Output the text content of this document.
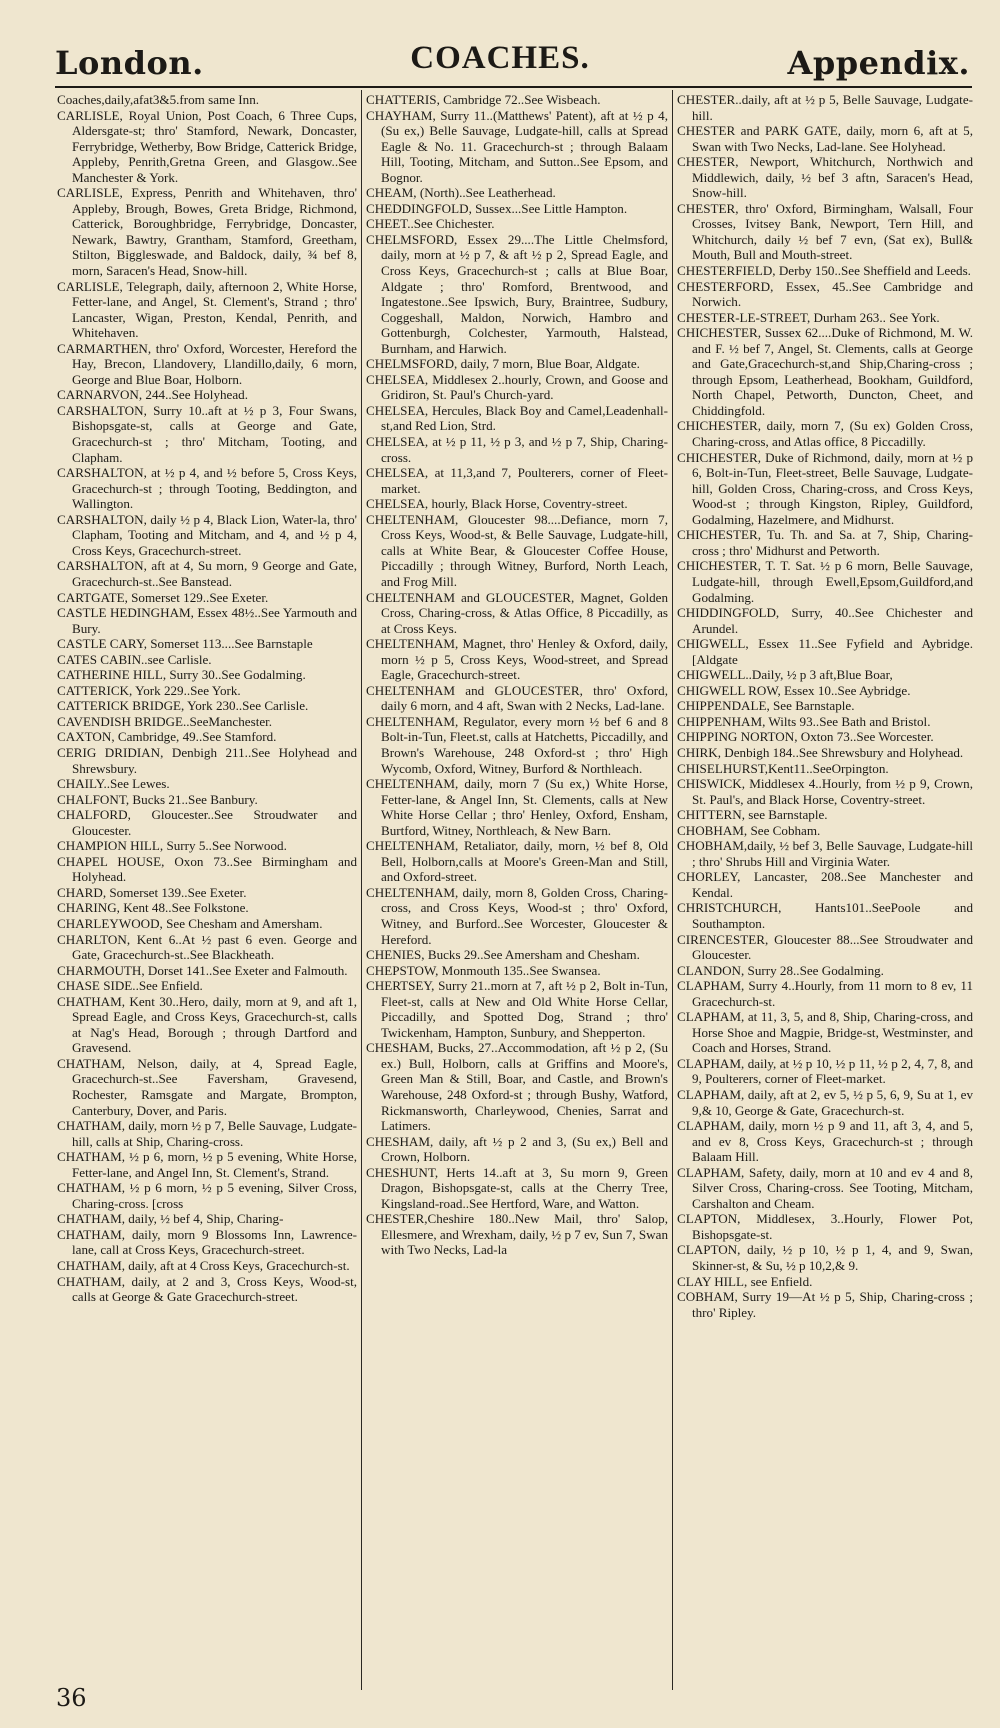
London.	COACHES.	Appendix.

Coaches,daily,afat3&5.from same Inn.

CARLISLE, Royal Union, Post Coach, 6 Three Cups, Aldersgate-st; thro' Stamford, Newark, Doncaster, Ferrybridge, Wetherby, Bow Bridge, Catterick Bridge, Appleby, Penrith,Gretna Green, and Glasgow..See Manchester & York.

CARLISLE, Express, Penrith and Whitehaven, thro' Appleby, Brough, Bowes, Greta Bridge, Richmond, Catterick, Boroughbridge, Ferrybridge, Doncaster, Newark, Bawtry, Grantham, Stamford, Greetham, Stilton, Biggleswade, and Baldock, daily, ¾ bef 8, morn, Saracen's Head, Snow-hill.

CARLISLE, Telegraph, daily, afternoon 2, White Horse, Fetter-lane, and Angel, St. Clement's, Strand ; thro' Lancaster, Wigan, Preston, Kendal, Penrith, and Whitehaven.

CARMARTHEN, thro' Oxford, Worcester, Hereford the Hay, Brecon, Llandovery, Llandillo,daily, 6 morn, George and Blue Boar, Holborn.

CARNARVON, 244..See Holyhead.

CARSHALTON, Surry 10..aft at ½ p 3, Four Swans, Bishopsgate-st, calls at George and Gate, Gracechurch-st ; thro' Mitcham, Tooting, and Clapham.

CARSHALTON, at ½ p 4, and ½ before 5, Cross Keys, Gracechurch-st ; through Tooting, Beddington, and Wallington.

CARSHALTON, daily ½ p 4, Black Lion, Water-la, thro' Clapham, Tooting and Mitcham, and 4, and ½ p 4, Cross Keys, Gracechurch-street.

CARSHALTON, aft at 4, Su morn, 9 George and Gate, Gracechurch-st..See Banstead.

CARTGATE, Somerset 129..See Exeter.

CASTLE HEDINGHAM, Essex 48½..See Yarmouth and Bury.

CASTLE CARY, Somerset 113....See Barnstaple

CATES CABIN..see Carlisle.

CATHERINE HILL, Surry 30..See Godalming.

CATTERICK, York 229..See York.

CATTERICK BRIDGE, York 230..See Carlisle.

CAVENDISH BRIDGE..SeeManchester.

CAXTON, Cambridge, 49..See Stamford.

CERIG DRIDIAN, Denbigh 211..See Holyhead and Shrewsbury.

CHAILY..See Lewes.

CHALFONT, Bucks 21..See Banbury.

CHALFORD, Gloucester..See Stroudwater and Gloucester.

CHAMPION HILL, Surry 5..See Norwood.

CHAPEL HOUSE, Oxon 73..See Birmingham and Holyhead.

CHARD, Somerset 139..See Exeter.

CHARING, Kent 48..See Folkstone.

CHARLEYWOOD, See Chesham and Amersham.

CHARLTON, Kent 6..At ½ past 6 even. George and Gate, Gracechurch-st..See Blackheath.

CHARMOUTH, Dorset 141..See Exeter and Falmouth.

CHASE SIDE..See Enfield.

CHATHAM, Kent 30..Hero, daily, morn at 9, and aft 1, Spread Eagle, and Cross Keys, Gracechurch-st, calls at Nag's Head, Borough ; through Dartford and Gravesend.

CHATHAM, Nelson, daily, at 4, Spread Eagle, Gracechurch-st..See Faversham, Gravesend, Rochester, Ramsgate and Margate, Brompton, Canterbury, Dover, and Paris.

CHATHAM, daily, morn ½ p 7, Belle Sauvage, Ludgate-hill, calls at Ship, Charing-cross.

CHATHAM, ½ p 6, morn, ½ p 5 evening, White Horse, Fetter-lane, and Angel Inn, St. Clement's, Strand.

CHATHAM, ½ p 6 morn, ½ p 5 evening, Silver Cross, Charing-cross. [cross

CHATHAM, daily, ½ bef 4, Ship, Charing-

CHATHAM, daily, morn 9 Blossoms Inn, Lawrence-lane, call at Cross Keys, Gracechurch-street.

CHATHAM, daily, aft at 4 Cross Keys, Gracechurch-st.

CHATHAM, daily, at 2 and 3, Cross Keys, Wood-st, calls at George & Gate Gracechurch-street.

CHATTERIS, Cambridge 72..See Wisbeach.

CHAYHAM, Surry 11..(Matthews' Patent), aft at ½ p 4,(Su ex,) Belle Sauvage, Ludgate-hill, calls at Spread Eagle & No. 11. Gracechurch-st ; through Balaam Hill, Tooting, Mitcham, and Sutton..See Epsom, and Bognor.

CHEAM, (North)..See Leatherhead.

CHEDDINGFOLD, Sussex...See Little Hampton.

CHEET..See Chichester.

CHELMSFORD, Essex 29....The Little Chelmsford, daily, morn at ½ p 7, & aft ½ p 2, Spread Eagle, and Cross Keys, Gracechurch-st ; calls at Blue Boar, Aldgate ; thro' Romford, Brentwood, and Ingatestone..See Ipswich, Bury, Braintree, Sudbury, Coggeshall, Maldon, Norwich, Hambro and Gottenburgh, Colchester, Yarmouth, Halstead, Burnham, and Harwich.

CHELMSFORD, daily, 7 morn, Blue Boar, Aldgate.

CHELSEA, Middlesex 2..hourly, Crown, and Goose and Gridiron, St. Paul's Church-yard.

CHELSEA, Hercules, Black Boy and Camel,Leadenhall-st,and Red Lion, Strd.

CHELSEA, at ½ p 11, ½ p 3, and ½ p 7, Ship, Charing-cross.

CHELSEA, at 11,3,and 7, Poulterers, corner of Fleet-market.

CHELSEA, hourly, Black Horse, Coventry-street.

CHELTENHAM, Gloucester 98....Defiance, morn 7, Cross Keys, Wood-st, & Belle Sauvage, Ludgate-hill, calls at White Bear, & Gloucester Coffee House, Piccadilly ; through Witney, Burford, North Leach, and Frog Mill.

CHELTENHAM and GLOUCESTER, Magnet, Golden Cross, Charing-cross, & Atlas Office, 8 Piccadilly, as at Cross Keys.

CHELTENHAM, Magnet, thro' Henley & Oxford, daily, morn ½ p 5, Cross Keys, Wood-street, and Spread Eagle, Gracechurch-street.

CHELTENHAM and GLOUCESTER, thro' Oxford, daily 6 morn, and 4 aft, Swan with 2 Necks, Lad-lane.

CHELTENHAM, Regulator, every morn ½ bef 6 and 8 Bolt-in-Tun, Fleet.st, calls at Hatchetts, Piccadilly, and Brown's Warehouse, 248 Oxford-st ; thro' High Wycomb, Oxford, Witney, Burford & Northleach.

CHELTENHAM, daily, morn 7 (Su ex,) White Horse, Fetter-lane, & Angel Inn, St. Clements, calls at New White Horse Cellar ; thro' Henley, Oxford, Ensham, Burtford, Witney, Northleach, & New Barn.

CHELTENHAM, Retaliator, daily, morn, ½ bef 8, Old Bell, Holborn,calls at Moore's Green-Man and Still, and Oxford-street.

CHELTENHAM, daily, morn 8, Golden Cross, Charing-cross, and Cross Keys, Wood-st ; thro' Oxford, Witney, and Burford..See Worcester, Gloucester & Hereford.

CHENIES, Bucks 29..See Amersham and Chesham.

CHEPSTOW, Monmouth 135..See Swansea.

CHERTSEY, Surry 21..morn at 7, aft ½ p 2, Bolt in-Tun, Fleet-st, calls at New and Old White Horse Cellar, Piccadilly, and Spotted Dog, Strand ; thro' Twickenham, Hampton, Sunbury, and Shepperton.

CHESHAM, Bucks, 27..Accommodation, aft ½ p 2, (Su ex.) Bull, Holborn, calls at Griffins and Moore's, Green Man & Still, Boar, and Castle, and Brown's Warehouse, 248 Oxford-st ; through Bushy, Watford, Rickmansworth, Charleywood, Chenies, Sarrat and Latimers.

CHESHAM, daily, aft ½ p 2 and 3, (Su ex,) Bell and Crown, Holborn.

CHESHUNT, Herts 14..aft at 3, Su morn 9, Green Dragon, Bishopsgate-st, calls at the Cherry Tree, Kingsland-road..See Hertford, Ware, and Watton.

CHESTER,Cheshire 180..New Mail, thro' Salop, Ellesmere, and Wrexham, daily, ½ p 7 ev, Sun 7, Swan with Two Necks, Lad-la

CHESTER..daily, aft at ½ p 5, Belle Sauvage, Ludgate-hill.

CHESTER and PARK GATE, daily, morn 6, aft at 5, Swan with Two Necks, Lad-lane. See Holyhead.

CHESTER, Newport, Whitchurch, Northwich and Middlewich, daily, ½ bef 3 aftn, Saracen's Head, Snow-hill.

CHESTER, thro' Oxford, Birmingham, Walsall, Four Crosses, Ivitsey Bank, Newport, Tern Hill, and Whitchurch, daily ½ bef 7 evn, (Sat ex), Bull& Mouth, Bull and Mouth-street.

CHESTERFIELD, Derby 150..See Sheffield and Leeds.

CHESTERFORD, Essex, 45..See Cambridge and Norwich.

CHESTER-LE-STREET, Durham 263.. See York.

CHICHESTER, Sussex 62....Duke of Richmond, M. W. and F. ½ bef 7, Angel, St. Clements, calls at George and Gate,Gracechurch-st,and Ship,Charing-cross ; through Epsom, Leatherhead, Bookham, Guildford, North Chapel, Petworth, Duncton, Cheet, and Chiddingfold.

CHICHESTER, daily, morn 7, (Su ex) Golden Cross, Charing-cross, and Atlas office, 8 Piccadilly.

CHICHESTER, Duke of Richmond, daily, morn at ½ p 6, Bolt-in-Tun, Fleet-street, Belle Sauvage, Ludgate-hill, Golden Cross, Charing-cross, and Cross Keys, Wood-st ; through Kingston, Ripley, Guildford, Godalming, Hazelmere, and Midhurst.

CHICHESTER, Tu. Th. and Sa. at 7, Ship, Charing-cross ; thro' Midhurst and Petworth.

CHICHESTER, T. T. Sat. ½ p 6 morn, Belle Sauvage, Ludgate-hill, through Ewell,Epsom,Guildford,and Godalming.

CHIDDINGFOLD, Surry, 40..See Chichester and Arundel.

CHIGWELL, Essex 11..See Fyfield and Aybridge. [Aldgate

CHIGWELL..Daily, ½ p 3 aft,Blue Boar,

CHIGWELL ROW, Essex 10..See Aybridge.

CHIPPENDALE, See Barnstaple.

CHIPPENHAM, Wilts 93..See Bath and Bristol.

CHIPPING NORTON, Oxton 73..See Worcester.

CHIRK, Denbigh 184..See Shrewsbury and Holyhead.

CHISELHURST,Kent11..SeeOrpington.

CHISWICK, Middlesex 4..Hourly, from ½ p 9, Crown, St. Paul's, and Black Horse, Coventry-street.

CHITTERN, see Barnstaple.

CHOBHAM, See Cobham.

CHOBHAM,daily, ½ bef 3, Belle Sauvage, Ludgate-hill ; thro' Shrubs Hill and Virginia Water.

CHORLEY, Lancaster, 208..See Manchester and Kendal.

CHRISTCHURCH, Hants101..SeePoole and Southampton.

CIRENCESTER, Gloucester 88...See Stroudwater and Gloucester.

CLANDON, Surry 28..See Godalming.

CLAPHAM, Surry 4..Hourly, from 11 morn to 8 ev, 11 Gracechurch-st.

CLAPHAM, at 11, 3, 5, and 8, Ship, Charing-cross, and Horse Shoe and Magpie, Bridge-st, Westminster, and Coach and Horses, Strand.

CLAPHAM, daily, at ½ p 10, ½ p 11, ½ p 2, 4, 7, 8, and 9, Poulterers, corner of Fleet-market.

CLAPHAM, daily, aft at 2, ev 5, ½ p 5, 6, 9, Su at 1, ev 9,& 10, George & Gate, Gracechurch-st.

CLAPHAM, daily, morn ½ p 9 and 11, aft 3, 4, and 5, and ev 8, Cross Keys, Gracechurch-st ; through Balaam Hill.

CLAPHAM, Safety, daily, morn at 10 and ev 4 and 8, Silver Cross, Charing-cross. See Tooting, Mitcham, Carshalton and Cheam.

CLAPTON, Middlesex, 3..Hourly, Flower Pot, Bishopsgate-st.

CLAPTON, daily, ½ p 10, ½ p 1, 4, and 9, Swan, Skinner-st, & Su, ½ p 10,2,& 9.

CLAY HILL, see Enfield.

COBHAM, Surry 19—At ½ p 5, Ship, Charing-cross ; thro' Ripley.

36
